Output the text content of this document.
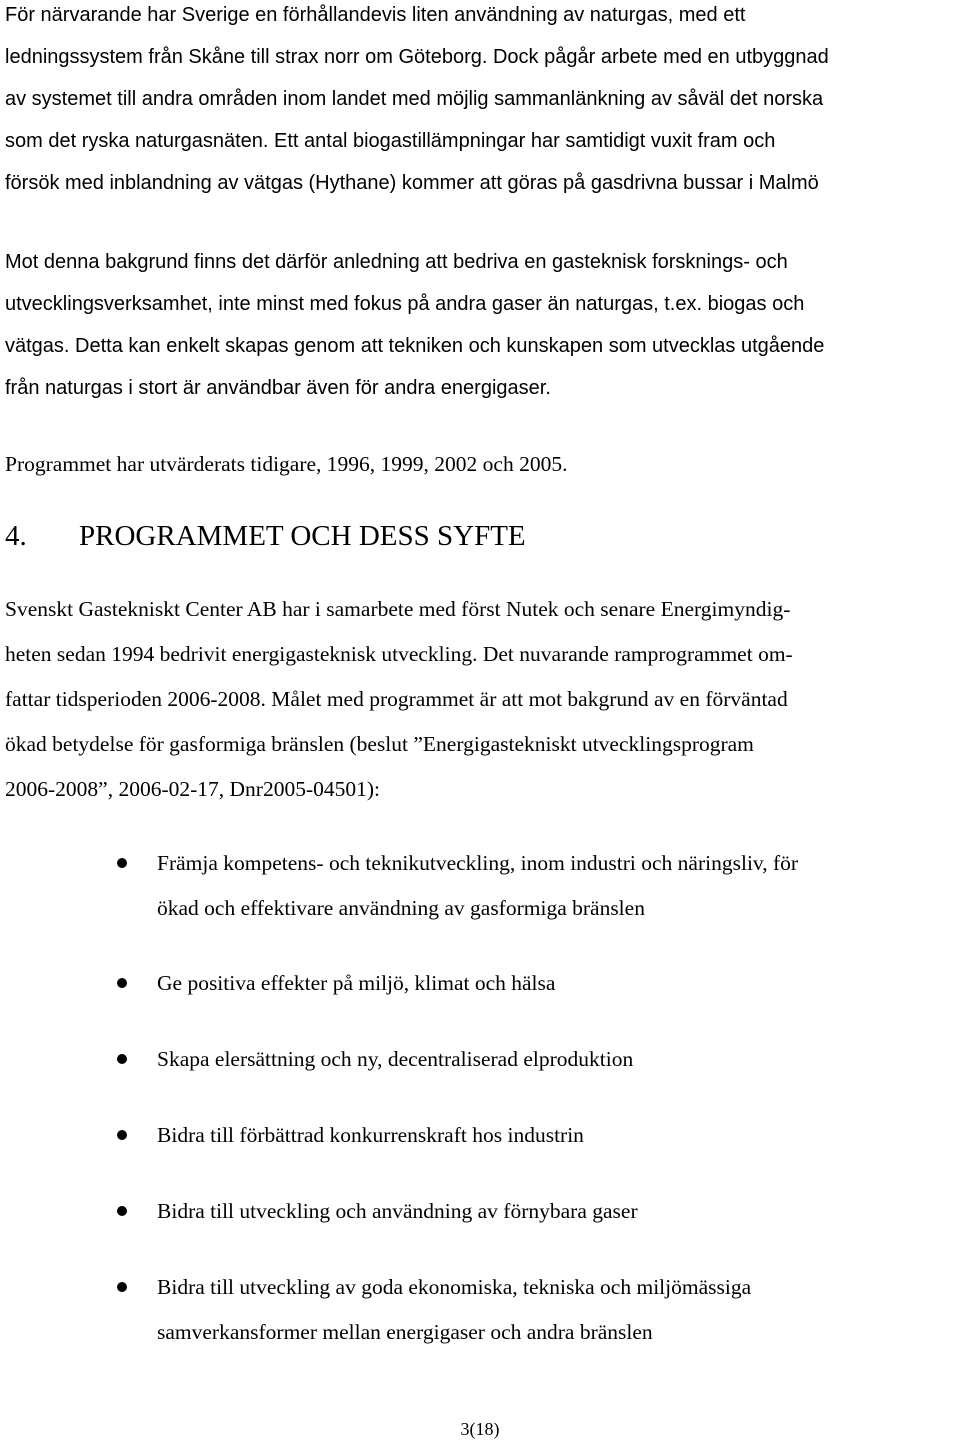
För närvarande har Sverige en förhållandevis liten användning av naturgas, med ett
ledningssystem från Skåne till strax norr om Göteborg. Dock pågår arbete med en utbyggnad
av systemet till andra områden inom landet med möjlig sammanlänkning av såväl det norska
som det ryska naturgasnäten. Ett antal biogastillämpningar har samtidigt vuxit fram och
försök med inblandning av vätgas (Hythane) kommer att göras på gasdrivna bussar i Malmö

Mot denna bakgrund finns det därför anledning att bedriva en gasteknisk forsknings- och
utvecklingsverksamhet, inte minst med fokus på andra gaser än naturgas, t.ex. biogas och
vätgas. Detta kan enkelt skapas genom att tekniken och kunskapen som utvecklas utgående
från naturgas i stort är användbar även för andra energigaser.

Programmet har utvärderats tidigare, 1996, 1999, 2002 och 2005.

4. PROGRAMMET OCH DESS SYFTE

Svenskt Gastekniskt Center AB har i samarbete med först Nutek och senare Energimyndig-
heten sedan 1994 bedrivit energigasteknisk utveckling. Det nuvarande ramprogrammet om-
fattar tidsperioden 2006-2008. Målet med programmet är att mot bakgrund av en förväntad
ökad betydelse för gasformiga bränslen (beslut ”Energigastekniskt utvecklingsprogram
2006-2008”, 2006-02-17, Dnr2005-04501):

Främja kompetens- och teknikutveckling, inom industri och näringsliv, för
ökad och effektivare användning av gasformiga bränslen
Ge positiva effekter på miljö, klimat och hälsa
Skapa elersättning och ny, decentraliserad elproduktion
Bidra till förbättrad konkurrenskraft hos industrin
Bidra till utveckling och användning av förnybara gaser
Bidra till utveckling av goda ekonomiska, tekniska och miljömässiga
samverkansformer mellan energigaser och andra bränslen
3(18)
